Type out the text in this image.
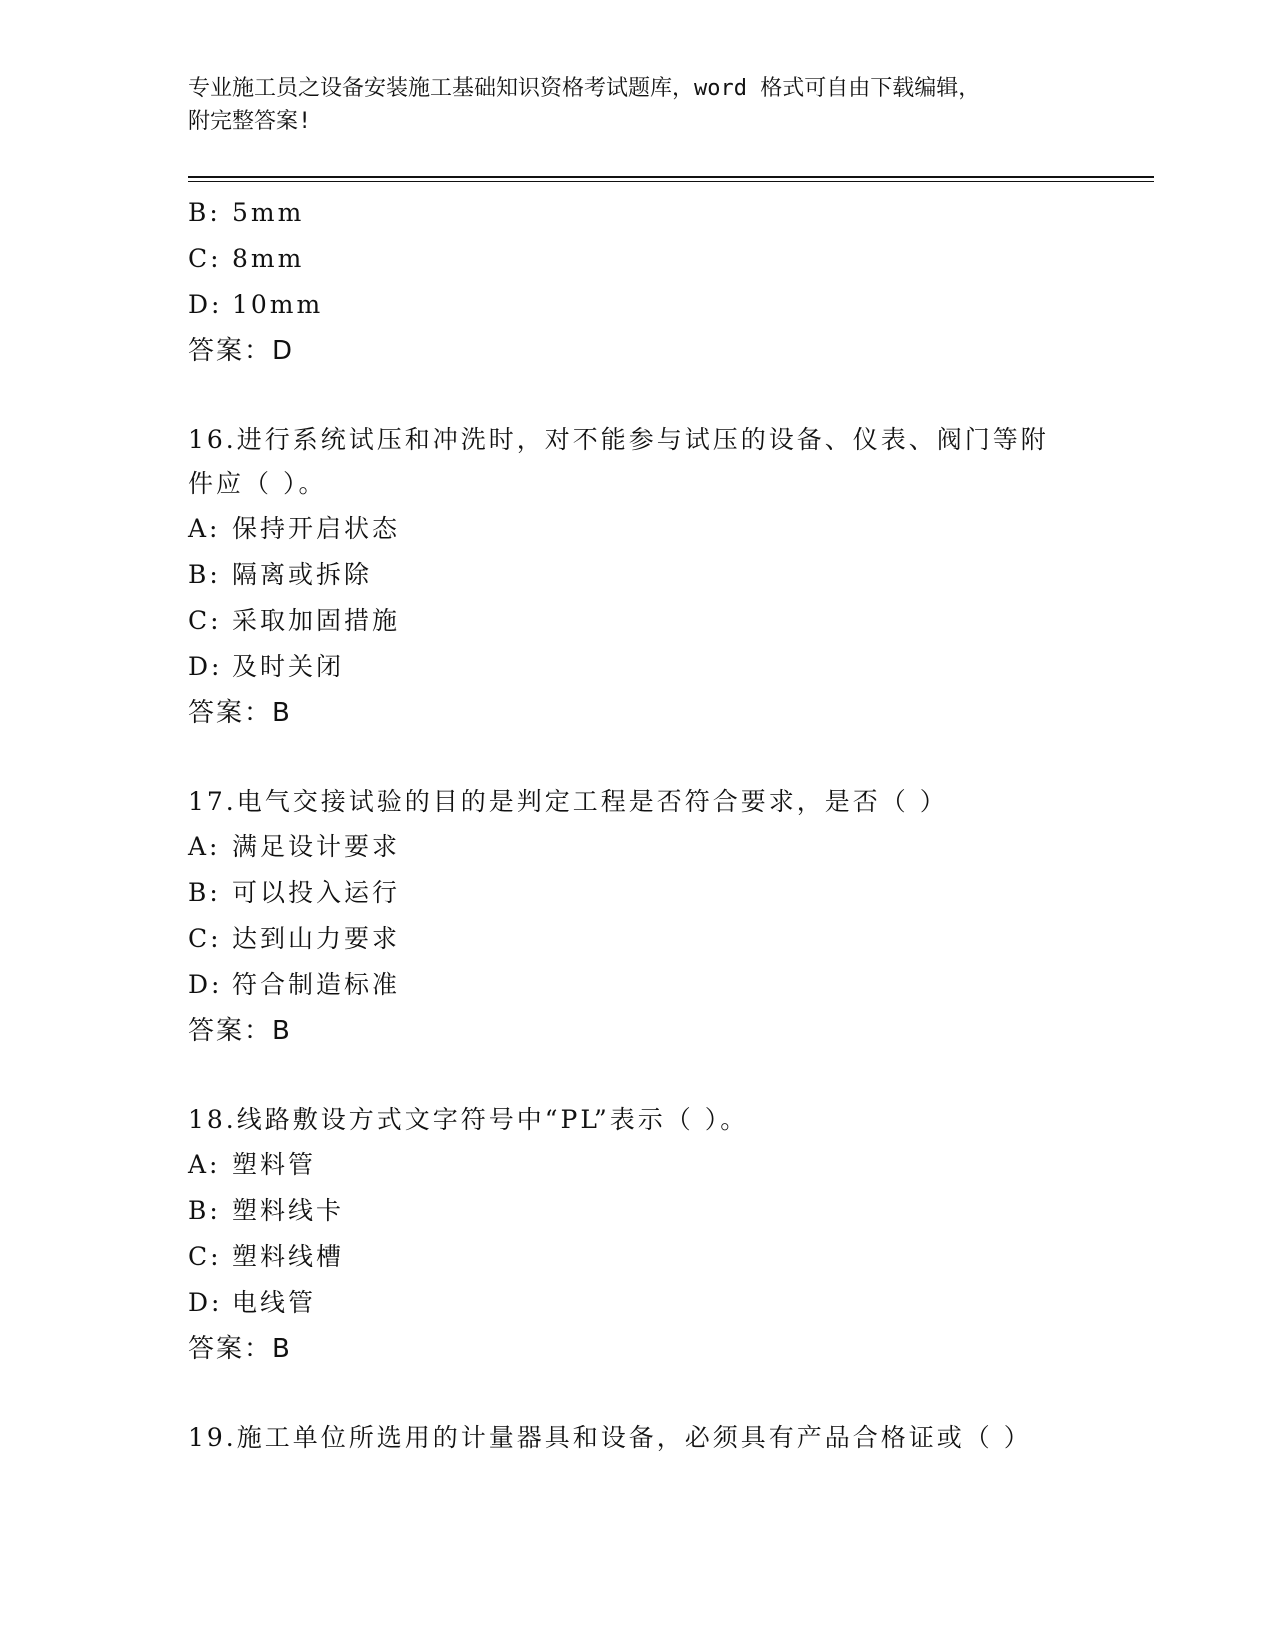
专业施工员之设备安装施工基础知识资格考试题库，word 格式可自由下载编辑，
附完整答案!
B: 5mm
C: 8mm
D: 10mm
答案：D
16.进行系统试压和冲洗时，对不能参与试压的设备、仪表、阀门等附件应（ ）。
A: 保持开启状态
B: 隔离或拆除
C: 采取加固措施
D: 及时关闭
答案：B
17.电气交接试验的目的是判定工程是否符合要求，是否（ ）
A: 满足设计要求
B: 可以投入运行
C: 达到山力要求
D: 符合制造标准
答案：B
18.线路敷设方式文字符号中“PL”表示（ ）。
A: 塑料管
B: 塑料线卡
C: 塑料线槽
D: 电线管
答案：B
19.施工单位所选用的计量器具和设备，必须具有产品合格证或（ ）
